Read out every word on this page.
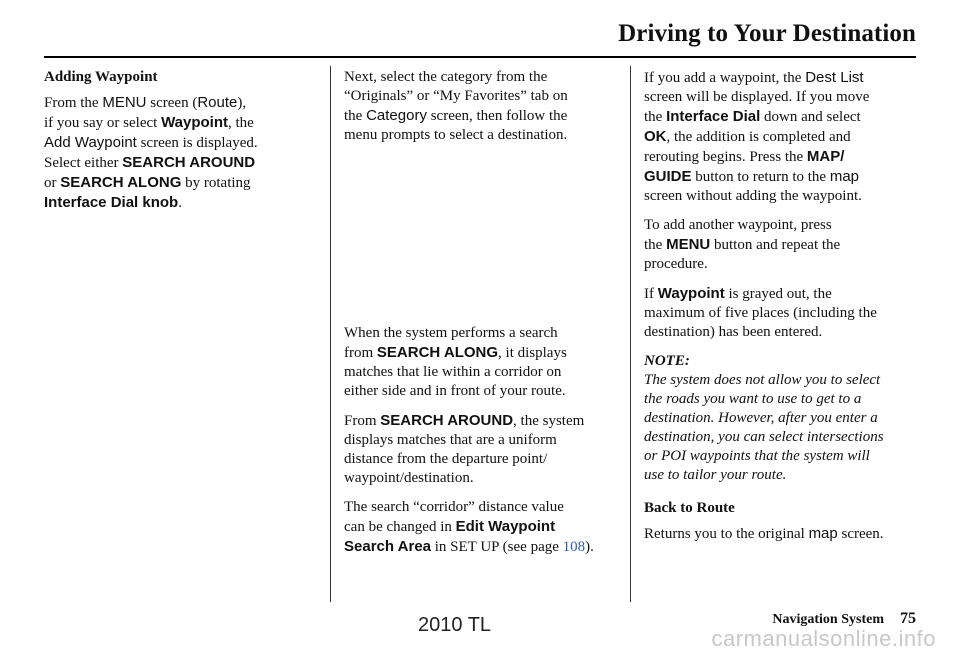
Driving to Your Destination

Adding Waypoint

From the MENU screen (Route),
if you say or select Waypoint, the
Add Waypoint screen is displayed.
Select either SEARCH AROUND
or SEARCH ALONG by rotating
Interface Dial knob.

Next, select the category from the
“Originals” or “My Favorites” tab on
the Category screen, then follow the
menu prompts to select a destination.

When the system performs a search
from SEARCH ALONG, it displays
matches that lie within a corridor on
either side and in front of your route.

From SEARCH AROUND, the system
displays matches that are a uniform
distance from the departure point/
waypoint/destination.

The search “corridor” distance value
can be changed in Edit Waypoint
Search Area in SET UP (see page 108).

If you add a waypoint, the Dest List
screen will be displayed. If you move
the Interface Dial down and select
OK, the addition is completed and
rerouting begins. Press the MAP/
GUIDE button to return to the map
screen without adding the waypoint.

To add another waypoint, press
the MENU button and repeat the
procedure.

If Waypoint is grayed out, the
maximum of five places (including the
destination) has been entered.

NOTE:

The system does not allow you to select
the roads you want to use to get to a
destination. However, after you enter a
destination, you can select intersections
or POI waypoints that the system will
use to tailor your route.

Back to Route

Returns you to the original map screen.

2010 TL	Navigation System 75
carmanualsonline.info
